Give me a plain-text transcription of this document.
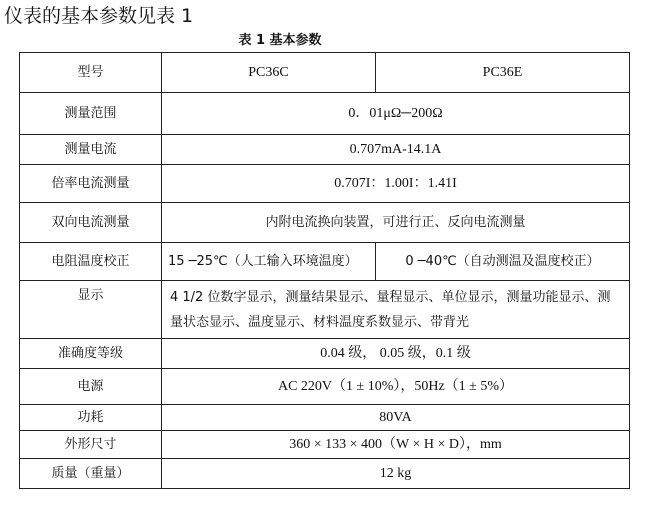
仪表的基本参数见表 1
表 1 基本参数
型号	PC36C	PC36E
测量范围	0．01μΩ─200Ω	
测量电流	0.707mA-14.1A	
倍率电流测量	0.707I：1.00I：1.41I	
双向电流测量	内附电流换向装置，可进行正、反向电流测量	
电阻温度校正	15 ─25℃（人工输入环境温度）	0 ─40℃（自动测温及温度校正）
显示	4 1/2 位数字显示，测量结果显示、量程显示、单位显示，测量功能显示、测量状态显示、温度显示、材料温度系数显示、带背光	
准确度等级	0.04 级， 0.05 级，0.1 级	
电源	AC 220V（1 ± 10%），50Hz（1 ± 5%）	
功耗	80VA	
外形尺寸	360 × 133 × 400（W × H × D），mm	
质量（重量）	12 kg	
